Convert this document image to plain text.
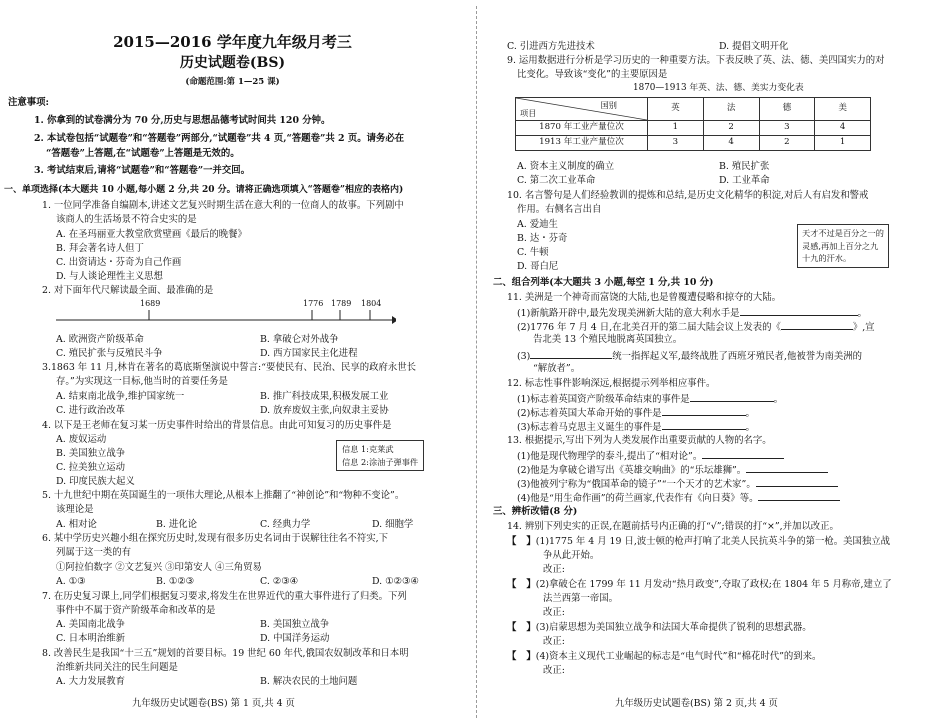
2015—2016 学年度九年级月考三
历史试题卷(BS)
(命题范围:第 1—25 课)
注意事项:
1. 你拿到的试卷满分为 70 分,历史与思想品德考试时间共 120 分钟。
2. 本试卷包括“试题卷”和“答题卷”两部分,“试题卷”共 4 页,“答题卷”共 2 页。请务必在
“答题卷”上答题,在“试题卷”上答题是无效的。
3. 考试结束后,请将“试题卷”和“答题卷”一并交回。
一、单项选择(本大题共 10 小题,每小题 2 分,共 20 分。请将正确选项填入“答题卷”相应的表格内)
1. 一位同学准备自编剧本,讲述文艺复兴时期生活在意大利的一位商人的故事。下列剧中
该商人的生活场景不符合史实的是
A. 在圣玛丽亚大教堂欣赏壁画《最后的晚餐》
B. 拜会著名诗人但丁
C. 出资请达・芬奇为自己作画
D. 与人谈论理性主义思想
2. 对下面年代尺解读最全面、最准确的是
1689	1776 1789 1804
A. 欧洲资产阶级革命	B. 拿破仑对外战争
C. 殖民扩张与反殖民斗争	D. 西方国家民主化进程
3.1863 年 11 月,林肯在著名的葛底斯堡演说中誓言:“要使民有、民治、民享的政府永世长
存。”为实现这一目标,他当时的首要任务是
A. 结束南北战争,维护国家统一	B. 推广科技成果,积极发展工业
C. 进行政治改革	D. 放弃废奴主张,向奴隶主妥协
4. 以下是王老师在复习某一历史事件时给出的背景信息。由此可知复习的历史事件是
A. 废奴运动
B. 美国独立战争
C. 拉美独立运动
D. 印度民族大起义
信息 1:克莱武
信息 2:涂油子弹事件
5. 十九世纪中期在英国诞生的一项伟大理论,从根本上推翻了“神创论”和“物种不变论”。
该理论是
A. 相对论	B. 进化论	C. 经典力学	D. 细胞学
6. 某中学历史兴趣小组在探究历史时,发现有很多历史名词由于误解往往名不符实,下
列属于这一类的有
①阿拉伯数字 ②文艺复兴 ③印第安人 ④三角贸易
A. ①③	B. ①②③	C. ②③④	D. ①②③④
7. 在历史复习课上,同学们根据复习要求,将发生在世界近代的重大事件进行了归类。下列
事件中不属于资产阶级革命和改革的是
A. 美国南北战争	B. 美国独立战争
C. 日本明治维新	D. 中国洋务运动
8. 改善民生是我国“十三五”规划的首要目标。19 世纪 60 年代,俄国农奴制改革和日本明
治维新共同关注的民生问题是
A. 大力发展教育	B. 解决农民的土地问题
九年级历史试题卷(BS) 第 1 页,共 4 页
C. 引进西方先进技术	D. 提倡文明开化
9. 运用数据进行分析是学习历史的一种重要方法。下表反映了英、法、德、美四国实力的对
比变化。导致该“变化”的主要原因是
1870—1913 年英、法、德、美实力变化表
国别
项目	英	法	德	美
1870 年工业产量位次	1	2	3	4
1913 年工业产量位次	3	4	2	1
A. 资本主义制度的确立	B. 殖民扩张
C. 第二次工业革命	D. 工业革命
10. 名言警句是人们经验教训的提炼和总结,是历史文化精华的积淀,对后人有启发和警戒
作用。右侧名言出自
A. 爱迪生
B. 达・芬奇
C. 牛顿
D. 哥白尼
天才不过是百分之一的
灵感,再加上百分之九
十九的汗水。
二、组合列举(本大题共 3 小题,每空 1 分,共 10 分)
11. 美洲是一个神奇而富饶的大陆,也是曾覆遭侵略和掠夺的大陆。
(1)新航路开辟中,最先发现美洲新大陆的意大利水手是	。
(2)1776 年 7 月 4 日,在北美召开的第二届大陆会议上发表的《	》,宣
告北美 13 个殖民地脱离英国独立。
(3)	统一指挥起义军,最终战胜了西班牙殖民者,他被誉为南美洲的
“解放者”。
12. 标志性事件影响深远,根据提示列举相应事件。
(1)标志着英国资产阶级革命结束的事件是	。
(2)标志着英国大革命开始的事件是	。
(3)标志着马克思主义诞生的事件是	。
13. 根据提示,写出下列为人类发展作出重要贡献的人物的名字。
(1)他是现代物理学的泰斗,提出了“相对论”。
(2)他是为拿破仑谱写出《英雄交响曲》的“乐坛雄狮”。
(3)他被列宁称为“俄国革命的镜子”“一个天才的艺术家”。
(4)他是“用生命作画”的荷兰画家,代表作有《向日葵》等。
三、辨析改错(8 分)
14. 辨别下列史实的正误,在题前括号内正确的打“√”;错误的打“×”,并加以改正。
【 】(1)1775 年 4 月 19 日,波士顿的枪声打响了北美人民抗英斗争的第一枪。美国独立战
争从此开始。
改正:
【 】(2)拿破仑在 1799 年 11 月发动“热月政变”,夺取了政权;在 1804 年 5 月称帝,建立了
法兰西第一帝国。
改正:
【 】(3)启蒙思想为美国独立战争和法国大革命提供了锐利的思想武器。
改正:
【 】(4)资本主义现代工业崛起的标志是“电气时代”和“棉花时代”的到来。
改正:
九年级历史试题卷(BS) 第 2 页,共 4 页
